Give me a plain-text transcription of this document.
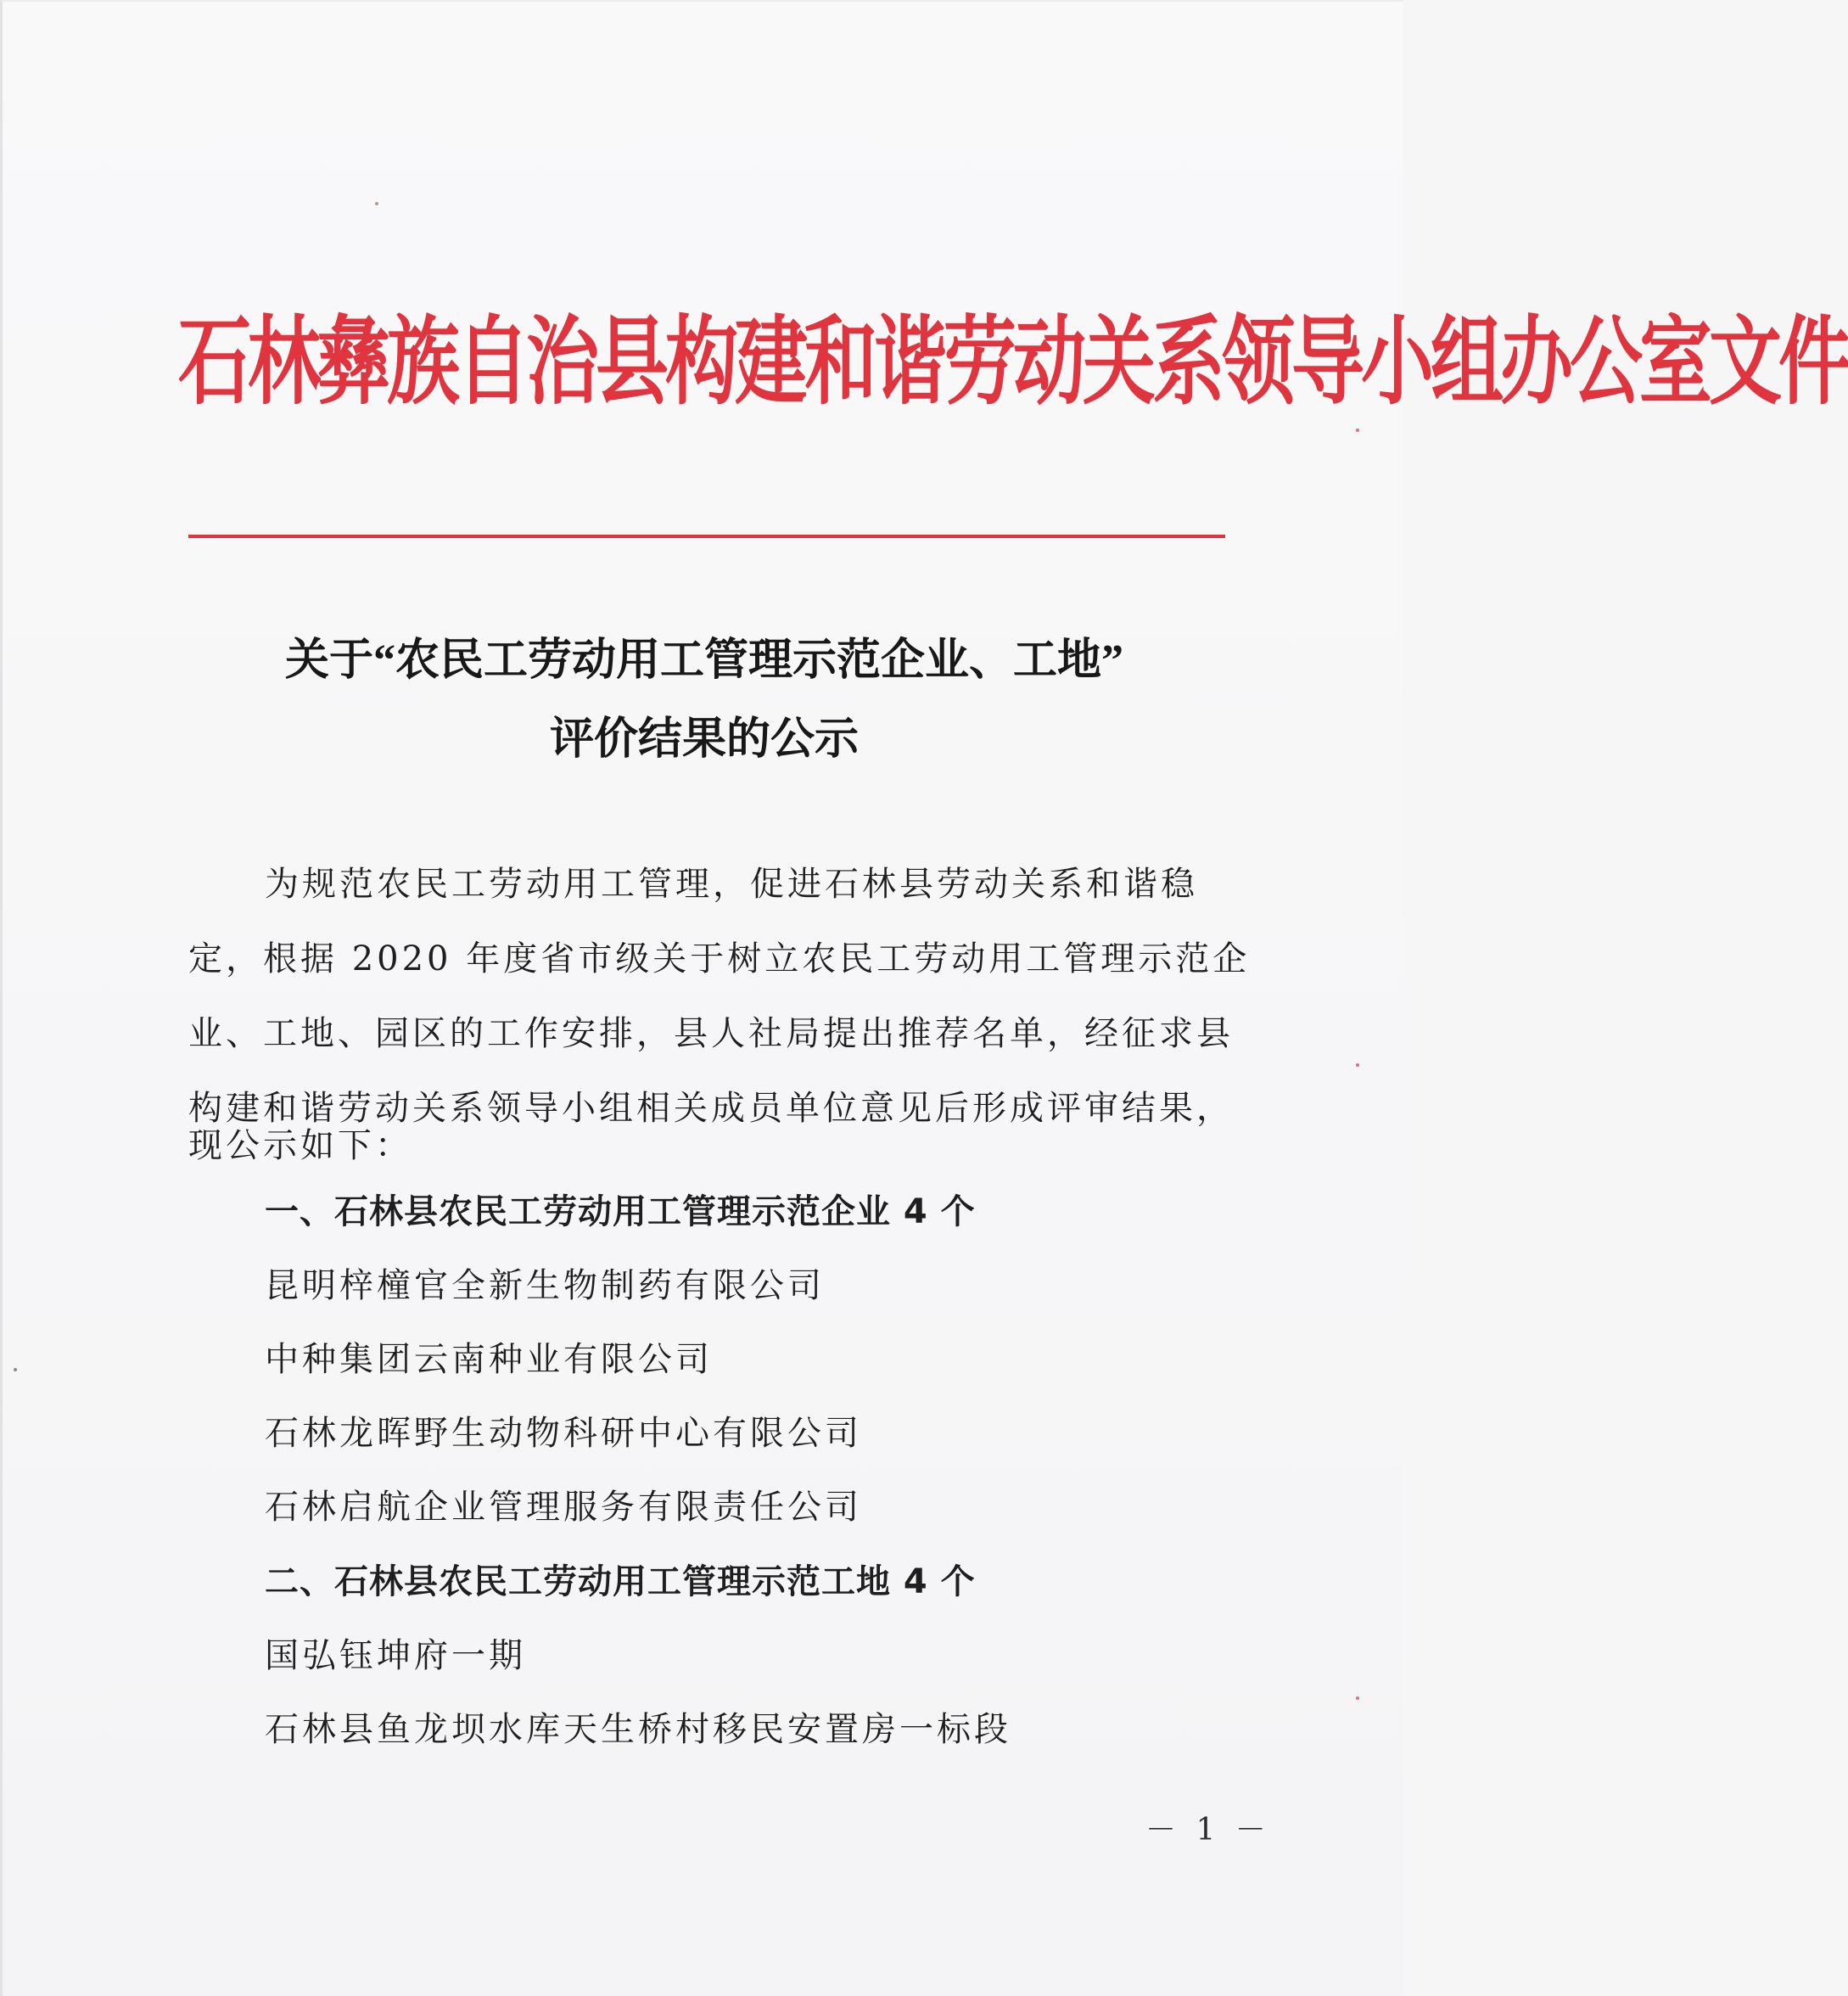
石林彝族自治县构建和谐劳动关系领导小组办公室文件
关于“农民工劳动用工管理示范企业、工地”
评价结果的公示
为规范农民工劳动用工管理，促进石林县劳动关系和谐稳
定，根据 2020 年度省市级关于树立农民工劳动用工管理示范企
业、工地、园区的工作安排，县人社局提出推荐名单，经征求县
构建和谐劳动关系领导小组相关成员单位意见后形成评审结果，
现公示如下：
一、石林县农民工劳动用工管理示范企业 4 个
昆明梓橦官全新生物制药有限公司
中种集团云南种业有限公司
石林龙晖野生动物科研中心有限公司
石林启航企业管理服务有限责任公司
二、石林县农民工劳动用工管理示范工地 4 个
国弘钰坤府一期
石林县鱼龙坝水库天生桥村移民安置房一标段
－ 1 －
